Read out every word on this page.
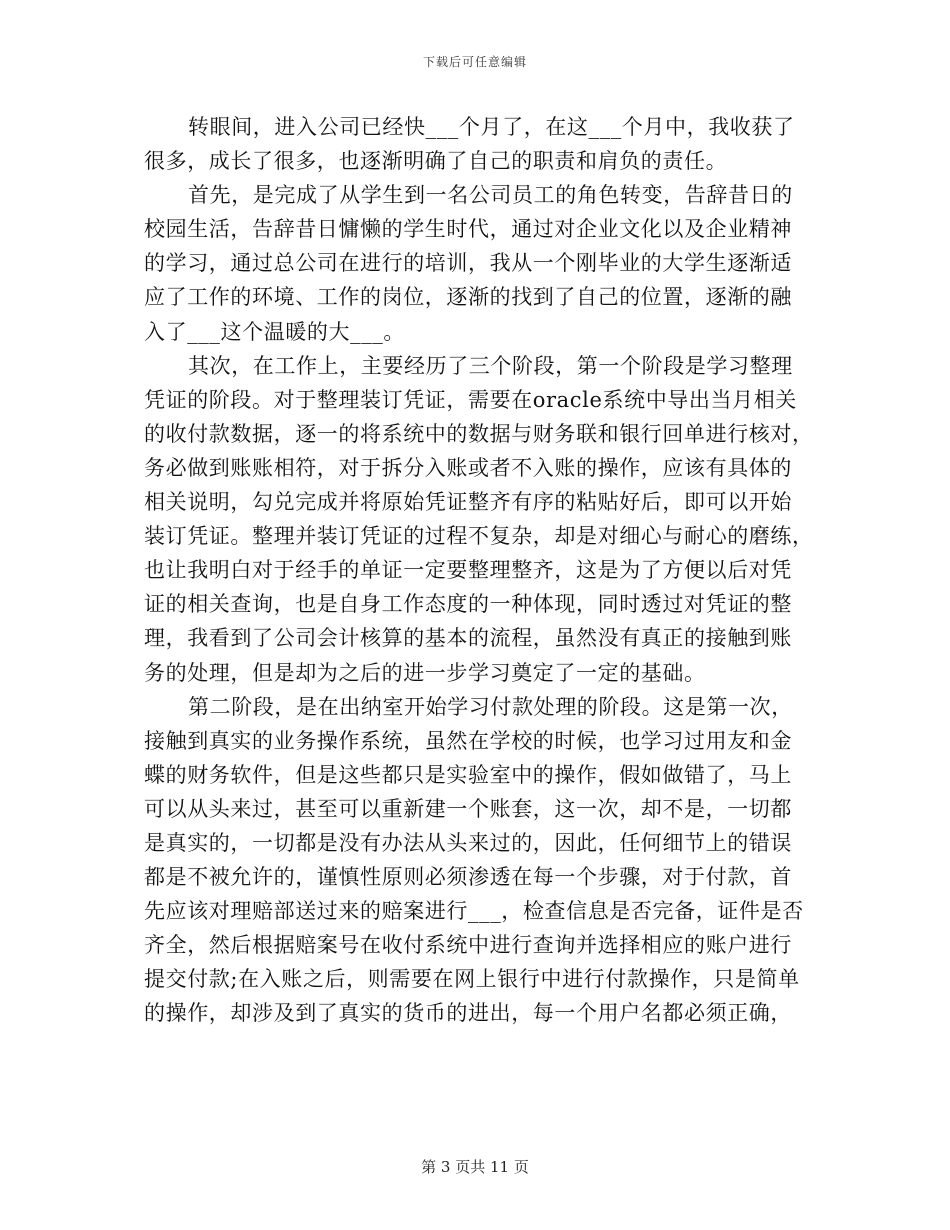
下载后可任意编辑
转眼间，进入公司已经快___个月了，在这___个月中，我收获了
很多，成长了很多，也逐渐明确了自己的职责和肩负的责任。
首先，是完成了从学生到一名公司员工的角色转变，告辞昔日的
校园生活，告辞昔日慵懒的学生时代，通过对企业文化以及企业精神
的学习，通过总公司在进行的培训，我从一个刚毕业的大学生逐渐适
应了工作的环境、工作的岗位，逐渐的找到了自己的位置，逐渐的融
入了___这个温暖的大___。
其次，在工作上，主要经历了三个阶段，第一个阶段是学习整理
凭证的阶段。对于整理装订凭证，需要在oracle系统中导出当月相关
的收付款数据，逐一的将系统中的数据与财务联和银行回单进行核对，
务必做到账账相符，对于拆分入账或者不入账的操作，应该有具体的
相关说明，勾兑完成并将原始凭证整齐有序的粘贴好后，即可以开始
装订凭证。整理并装订凭证的过程不复杂，却是对细心与耐心的磨练，
也让我明白对于经手的单证一定要整理整齐，这是为了方便以后对凭
证的相关查询，也是自身工作态度的一种体现，同时透过对凭证的整
理，我看到了公司会计核算的基本的流程，虽然没有真正的接触到账
务的处理，但是却为之后的进一步学习奠定了一定的基础。
第二阶段，是在出纳室开始学习付款处理的阶段。这是第一次，
接触到真实的业务操作系统，虽然在学校的时候，也学习过用友和金
蝶的财务软件，但是这些都只是实验室中的操作，假如做错了，马上
可以从头来过，甚至可以重新建一个账套，这一次，却不是，一切都
是真实的，一切都是没有办法从头来过的，因此，任何细节上的错误
都是不被允许的，谨慎性原则必须渗透在每一个步骤，对于付款，首
先应该对理赔部送过来的赔案进行___，检查信息是否完备，证件是否
齐全，然后根据赔案号在收付系统中进行查询并选择相应的账户进行
提交付款;在入账之后，则需要在网上银行中进行付款操作，只是简单
的操作，却涉及到了真实的货币的进出，每一个用户名都必须正确，
第 3 页共 11 页
